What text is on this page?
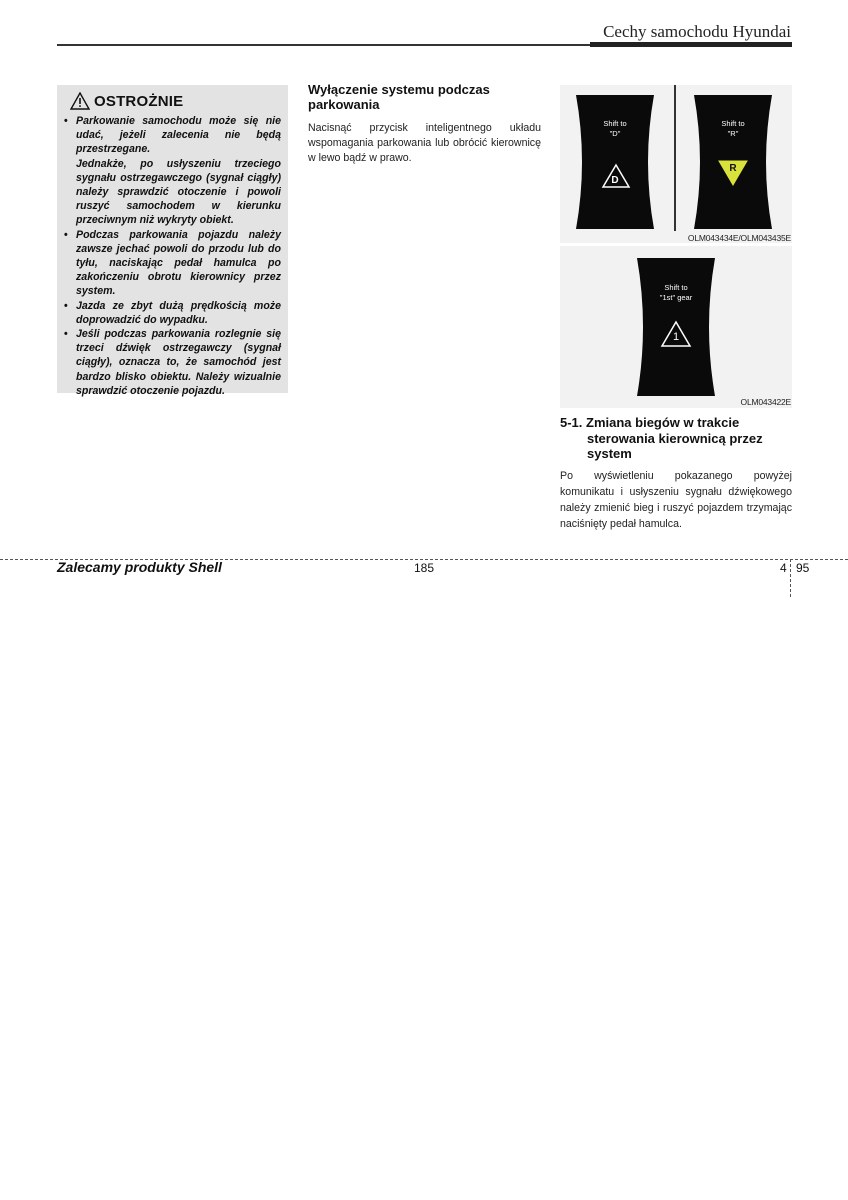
Cechy samochodu Hyundai
OSTROŻNIE
• Parkowanie samochodu może się nie udać, jeżeli zalecenia nie będą przestrzegane.

Jednakże, po usłyszeniu trzeciego sygnału ostrzegawczego (sygnał ciągły) należy sprawdzić otoczenie i powoli ruszyć samochodem w kierunku przeciwnym niż wykryty obiekt.

• Podczas parkowania pojazdu należy zawsze jechać powoli do przodu lub do tyłu, naciskając pedał hamulca po zakończeniu obrotu kierownicy przez system.

• Jazda ze zbyt dużą prędkością może doprowadzić do wypadku.

• Jeśli podczas parkowania rozlegnie się trzeci dźwięk ostrzegawczy (sygnał ciągły), oznacza to, że samochód jest bardzo blisko obiektu. Należy wizualnie sprawdzić otoczenie pojazdu.

Wyłączenie systemu podczas parkowania

Nacisnąć przycisk inteligentnego układu wspomagania parkowania lub obrócić kierownicę w lewo bądź w prawo.

Shift to
"D"
D
Shift to
"R"
R
OLM043434E/OLM043435E
Shift to
"1st" gear
1
OLM043422E
5-1. Zmiana biegów w trakcie sterowania kierownicą przez system

Po wyświetleniu pokazanego powyżej komunikatu i usłyszeniu sygnału dźwiękowego należy zmienić bieg i ruszyć pojazdem trzymając naciśnięty pedał hamulca.

Zalecamy produkty Shell	185	4 95
